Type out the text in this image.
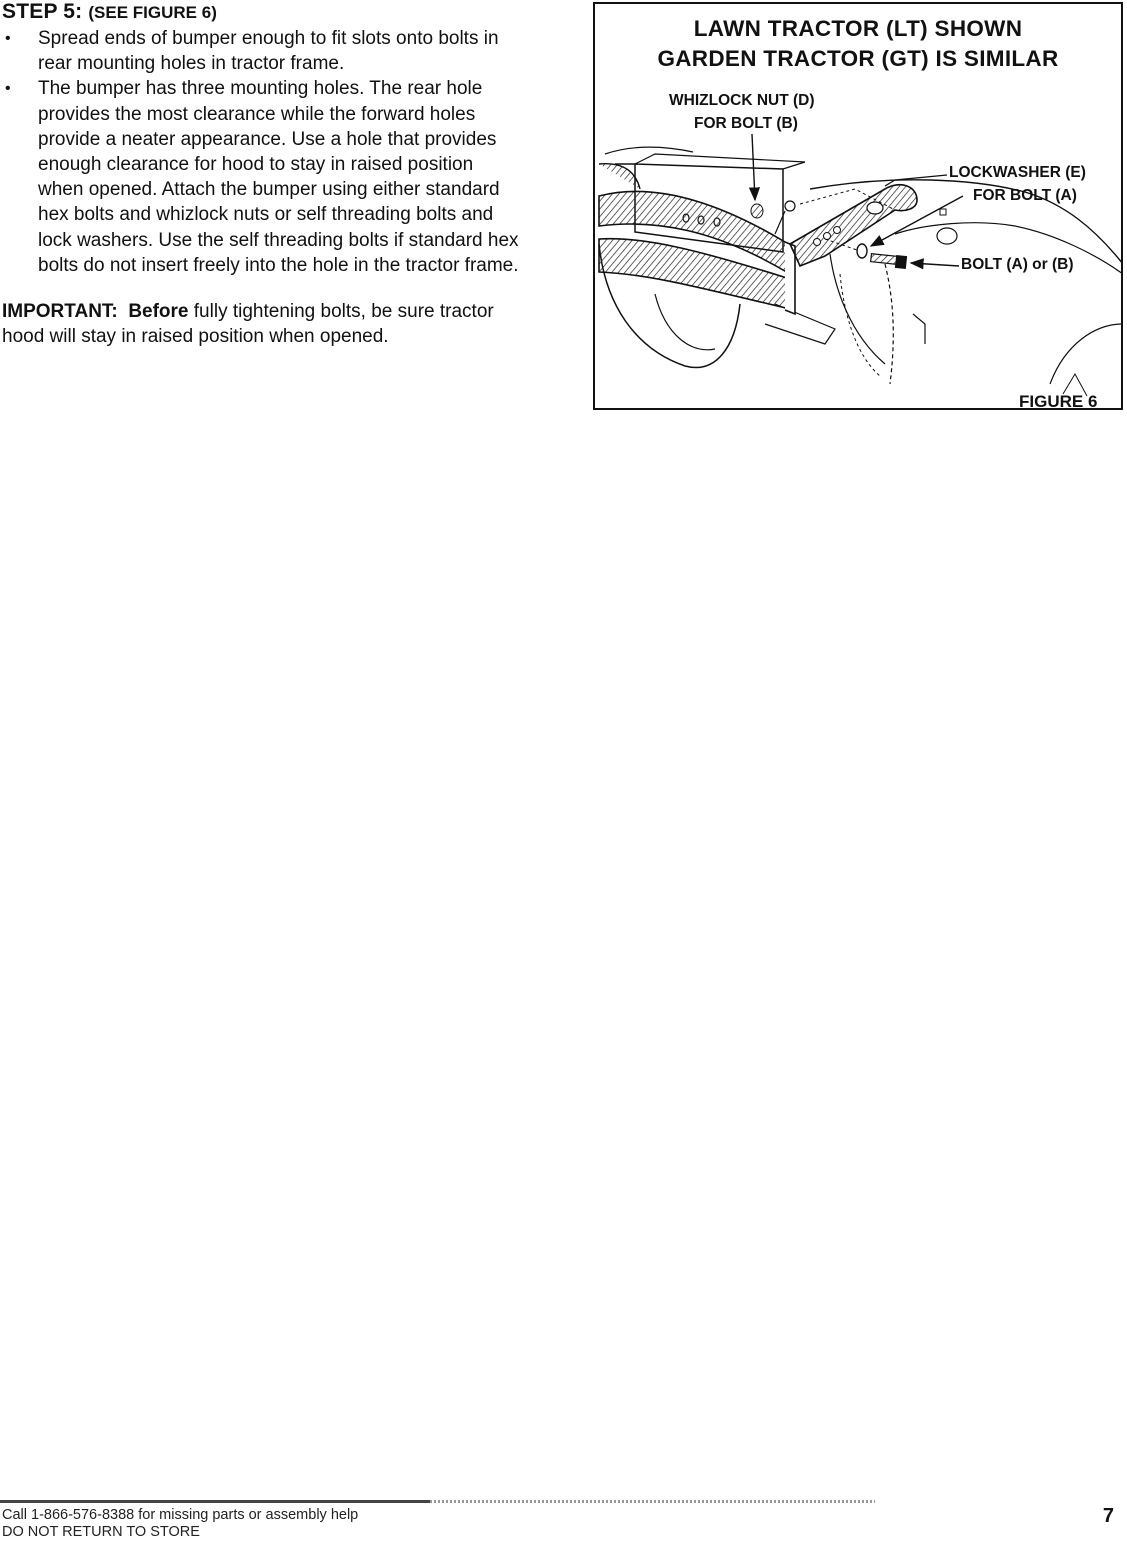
STEP 5: (SEE FIGURE 6)

• Spread ends of bumper enough to fit slots onto bolts in rear mounting holes in tractor frame.
• The bumper has three mounting holes. The rear hole provides the most clearance while the forward holes provide a neater appearance. Use a hole that provides enough clearance for hood to stay in raised position when opened. Attach the bumper using either standard hex bolts and whizlock nuts or self threading bolts and lock washers. Use the self threading bolts if standard hex bolts do not insert freely into the hole in the tractor frame.

IMPORTANT: Before fully tightening bolts, be sure tractor hood will stay in raised position when opened.

LAWN TRACTOR (LT) SHOWN
GARDEN TRACTOR (GT) IS SIMILAR
WHIZLOCK NUT (D)
FOR BOLT (B)
LOCKWASHER (E)
FOR BOLT (A)
BOLT (A) or (B)
FIGURE 6
Call 1-866-576-8388 for missing parts or assembly help
DO NOT RETURN TO STORE
7
